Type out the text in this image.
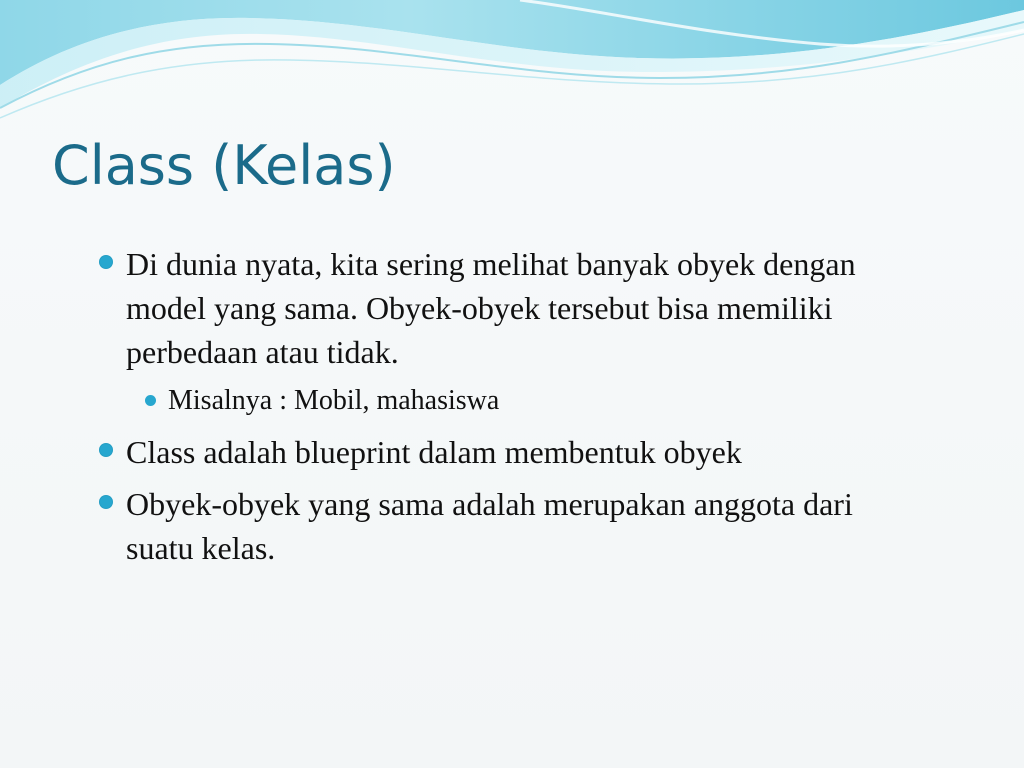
Class (Kelas)
Di dunia nyata, kita sering melihat banyak obyek dengan model yang sama. Obyek-obyek tersebut bisa memiliki perbedaan atau tidak.
Misalnya : Mobil, mahasiswa
Class adalah blueprint dalam membentuk obyek
Obyek-obyek yang sama adalah merupakan anggota dari suatu kelas.
